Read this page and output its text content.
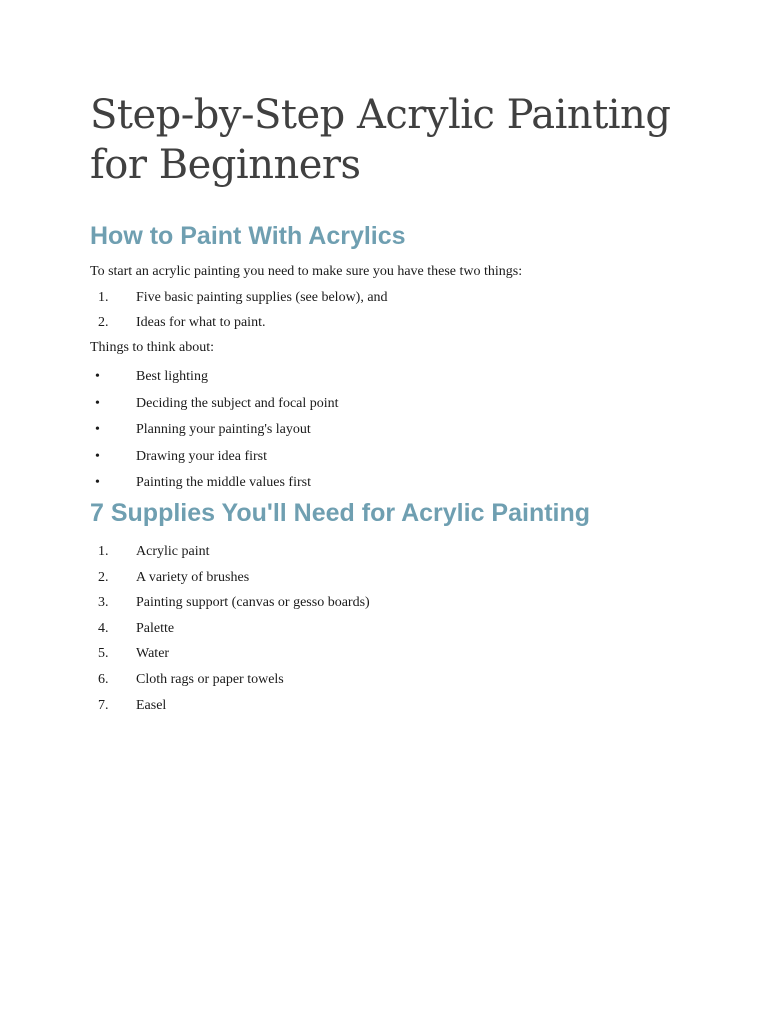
Step-by-Step Acrylic Painting
for Beginners
How to Paint With Acrylics

To start an acrylic painting you need to make sure you have these two things:

1. Five basic painting supplies (see below), and
2. Ideas for what to paint.

Things to think about:

•	Best lighting
•	Deciding the subject and focal point
•	Planning your painting's layout
•	Drawing your idea first
•	Painting the middle values first
7 Supplies You'll Need for Acrylic Painting
1. Acrylic paint
2. A variety of brushes
3. Painting support (canvas or gesso boards)
4. Palette
5. Water
6. Cloth rags or paper towels
7. Easel
